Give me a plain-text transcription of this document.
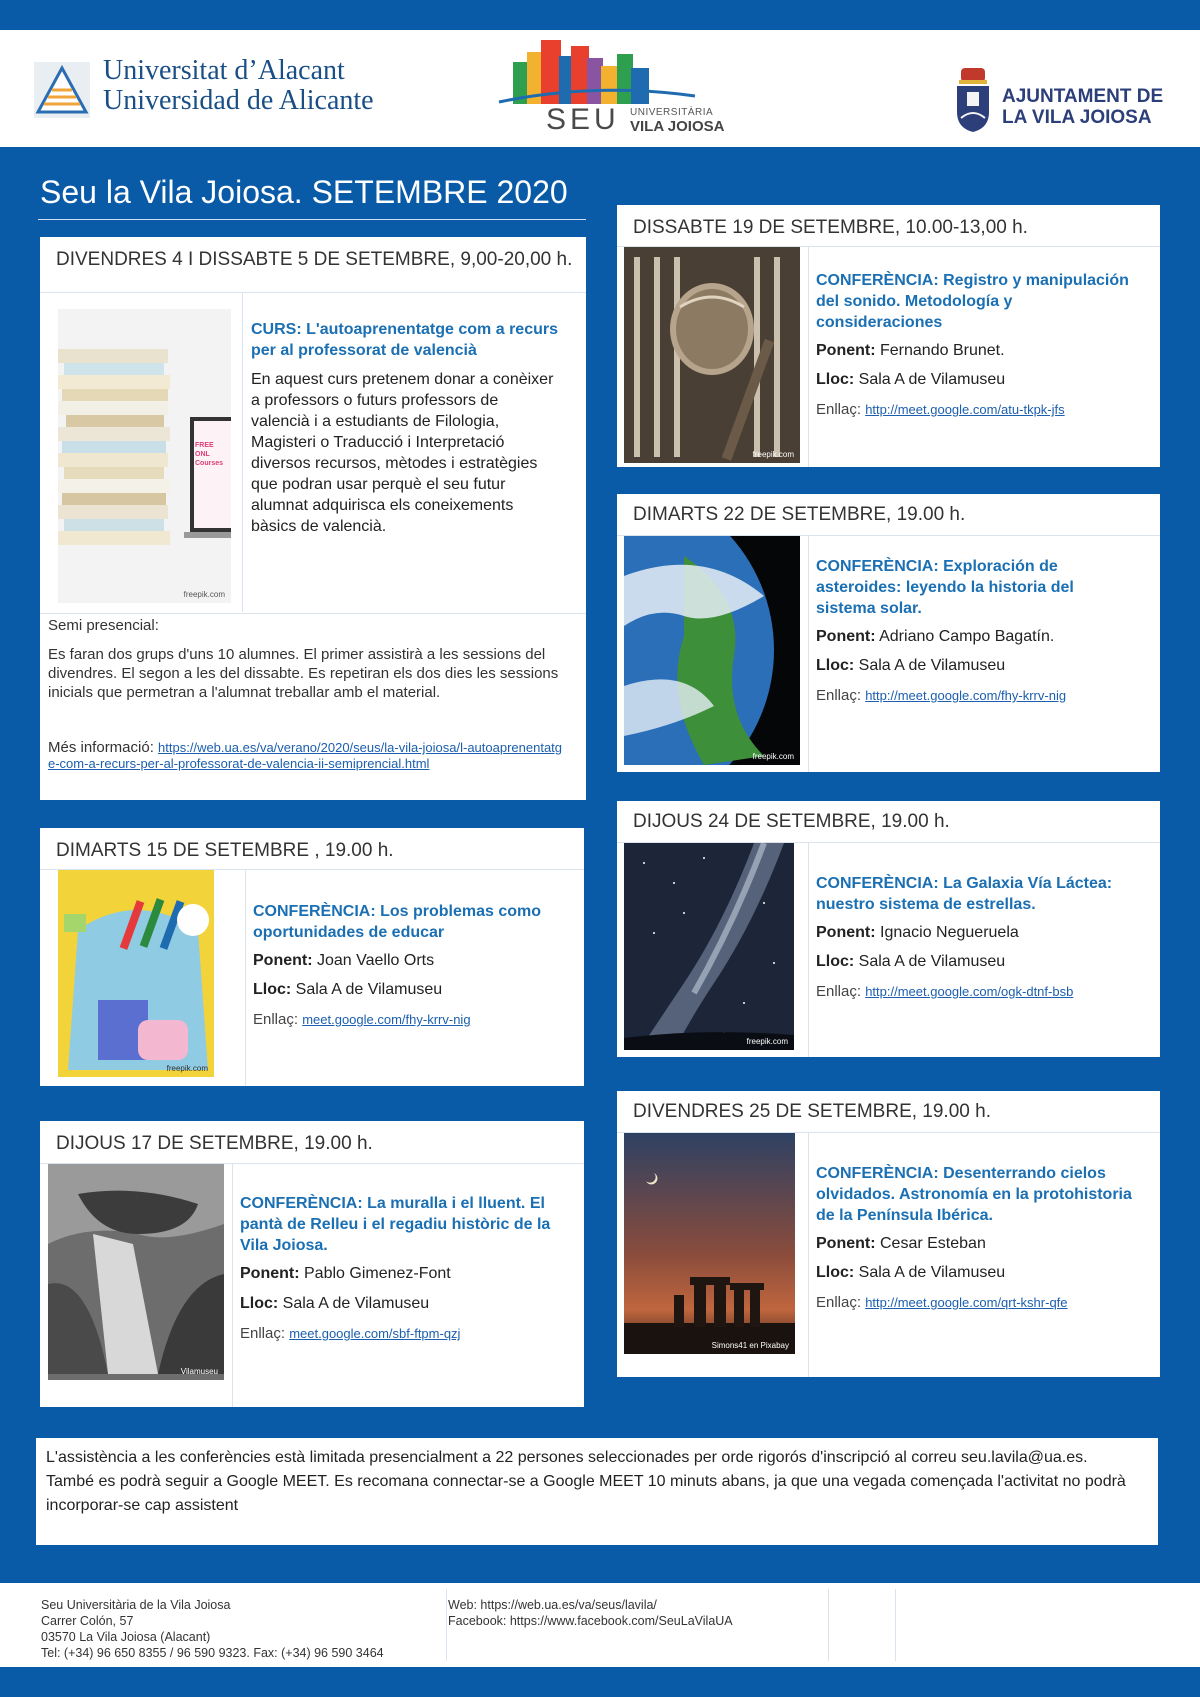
Universitat d’Alacant
Universidad de Alicante
SEU UNIVERSITÀRIA
VILA JOIOSA
AJUNTAMENT DE
LA VILA JOIOSA
Seu la Vila Joiosa. SETEMBRE 2020
DIVENDRES 4 I DISSABTE 5 DE SETEMBRE, 9,00-20,00 h.
FREE ONL Courses
freepik.com
CURS: L'autoaprenentatge com a recurs per al professorat de valencià
En aquest curs pretenem donar a conèixer a professors o futurs professors de valencià i a estudiants de Filologia, Magisteri o Traducció i Interpretació diversos recursos, mètodes i estratègies que podran usar perquè el seu futur alumnat adquirisca els coneixements bàsics de valencià.
Semi presencial:
Es faran dos grups d'uns 10 alumnes. El primer assistirà a les sessions del divendres. El segon a les del dissabte. Es repetiran els dos dies les sessions inicials que permetran a l'alumnat treballar amb el material.
Més informació: https://web.ua.es/va/verano/2020/seus/la-vila-joiosa/l-autoaprenentatge-com-a-recurs-per-al-professorat-de-valencia-ii-semiprencial.html
DIMARTS 15 DE SETEMBRE , 19.00 h.
freepik.com
CONFERÈNCIA: Los problemas como oportunidades de educar
Ponent: Joan Vaello Orts
Lloc: Sala A de Vilamuseu
Enllaç: meet.google.com/fhy-krrv-nig
DIJOUS 17 DE SETEMBRE, 19.00 h.
Vilamuseu
CONFERÈNCIA: La muralla i el lluent. El pantà de Relleu i el regadiu històric de la Vila Joiosa.
Ponent: Pablo Gimenez-Font
Lloc: Sala A de Vilamuseu
Enllaç: meet.google.com/sbf-ftpm-qzj
DISSABTE 19 DE SETEMBRE, 10.00-13,00 h.
freepik.com
CONFERÈNCIA: Registro y manipulación del sonido. Metodología y consideraciones
Ponent: Fernando Brunet.
Lloc: Sala A de Vilamuseu
Enllaç: http://meet.google.com/atu-tkpk-jfs
DIMARTS 22 DE SETEMBRE, 19.00 h.
freepik.com
CONFERÈNCIA: Exploración de asteroides: leyendo la historia del sistema solar.
Ponent: Adriano Campo Bagatín.
Lloc: Sala A de Vilamuseu
Enllaç: http://meet.google.com/fhy-krrv-nig
DIJOUS 24 DE SETEMBRE, 19.00 h.
freepik.com
CONFERÈNCIA: La Galaxia Vía Láctea: nuestro sistema de estrellas.
Ponent: Ignacio Negueruela
Lloc: Sala A de Vilamuseu
Enllaç: http://meet.google.com/ogk-dtnf-bsb
DIVENDRES 25 DE SETEMBRE, 19.00 h.
Simons41 en Pixabay
CONFERÈNCIA: Desenterrando cielos olvidados. Astronomía en la protohistoria de la Península Ibérica.
Ponent: Cesar Esteban
Lloc: Sala A de Vilamuseu
Enllaç: http://meet.google.com/qrt-kshr-qfe
L'assistència a les conferències està limitada presencialment a 22 persones seleccionades per orde rigorós d'inscripció al correu seu.lavila@ua.es.
També es podrà seguir a Google MEET. Es recomana connectar-se a Google MEET 10 minuts abans, ja que una vegada començada l'activitat no podrà incorporar-se cap assistent
Seu Universitària de la Vila Joiosa
Carrer Colón, 57
03570 La Vila Joiosa (Alacant)
Tel: (+34) 96 650 8355 / 96 590 9323. Fax: (+34) 96 590 3464
Web: https://web.ua.es/va/seus/lavila/
Facebook: https://www.facebook.com/SeuLaVilaUA
